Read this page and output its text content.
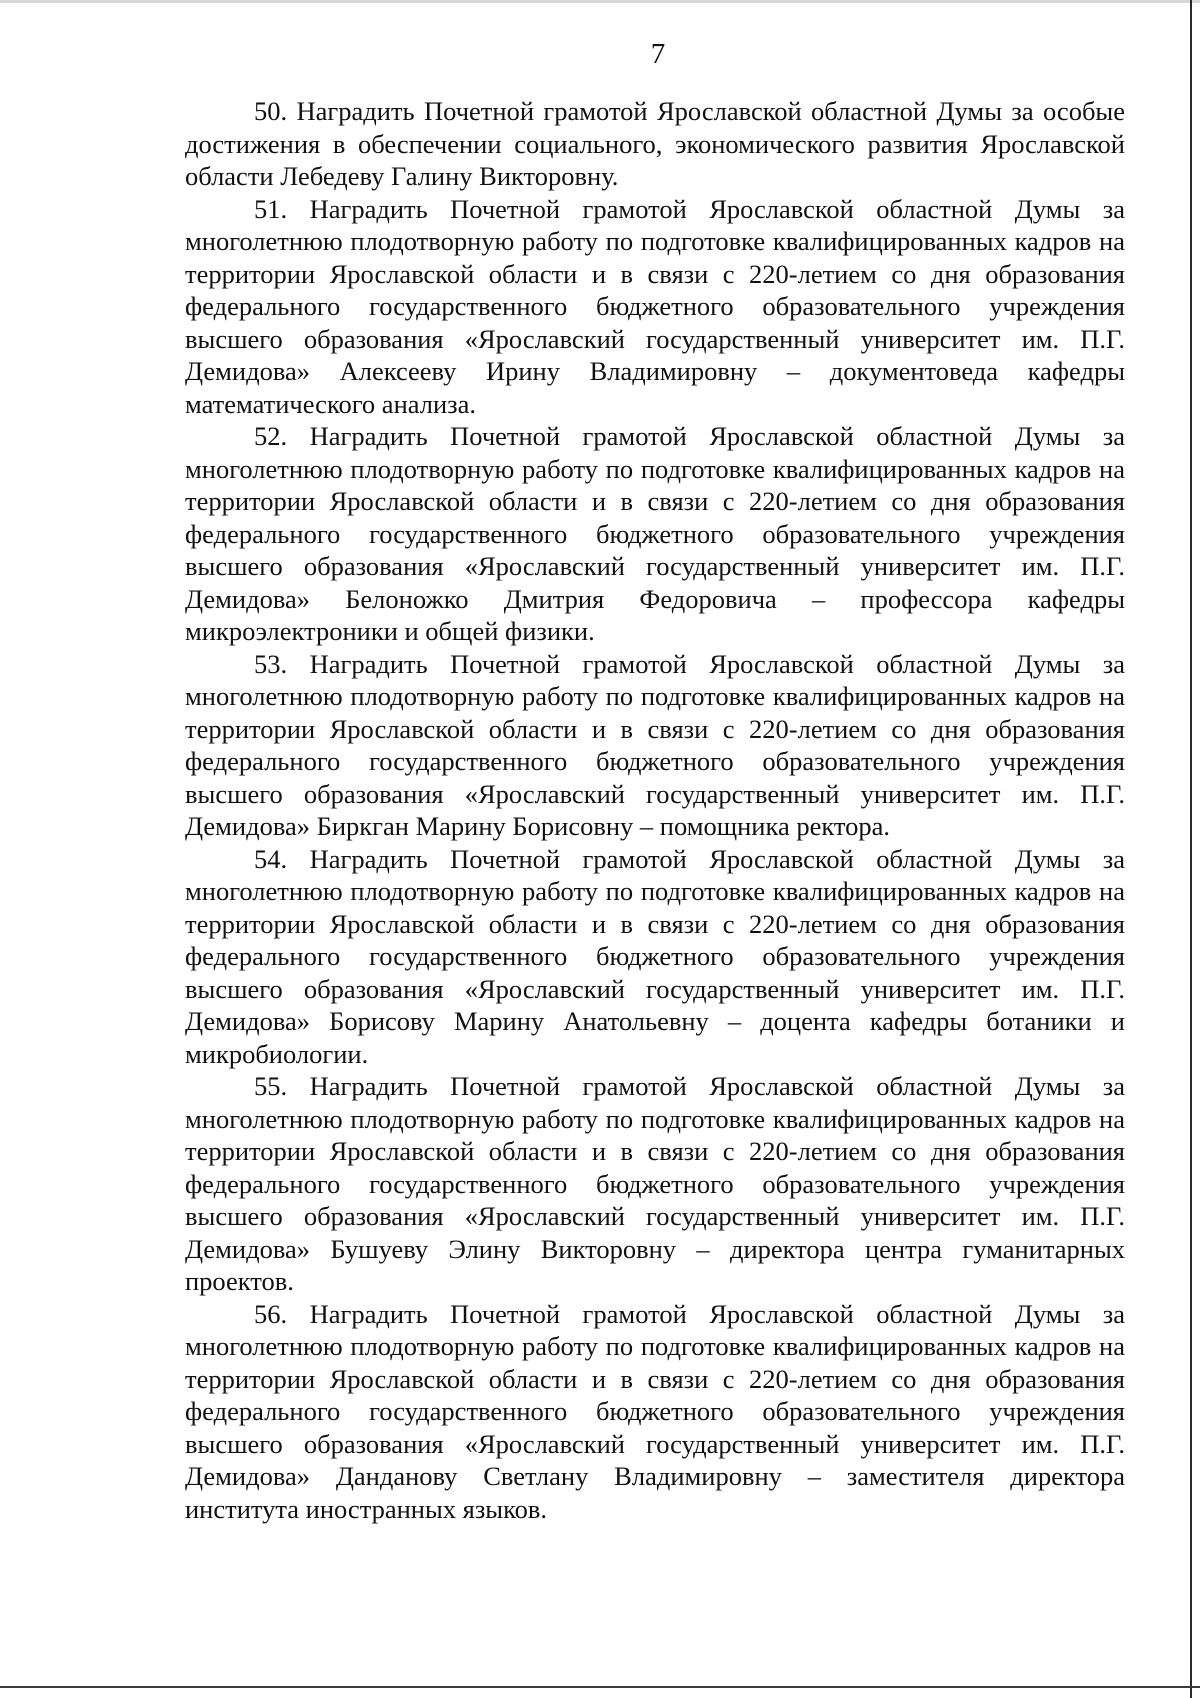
7

50. Наградить Почетной грамотой Ярославской областной Думы за особые достижения в обеспечении социального, экономического развития Ярославской области Лебедеву Галину Викторовну.

51. Наградить Почетной грамотой Ярославской областной Думы за многолетнюю плодотворную работу по подготовке квалифицированных кадров на территории Ярославской области и в связи с 220-летием со дня образования федерального государственного бюджетного образовательного учреждения высшего образования «Ярославский государственный университет им. П.Г. Демидова» Алексееву Ирину Владимировну – документоведа кафедры математического анализа.

52. Наградить Почетной грамотой Ярославской областной Думы за многолетнюю плодотворную работу по подготовке квалифицированных кадров на территории Ярославской области и в связи с 220-летием со дня образования федерального государственного бюджетного образовательного учреждения высшего образования «Ярославский государственный университет им. П.Г. Демидова» Белоножко Дмитрия Федоровича – профессора кафедры микроэлектроники и общей физики.

53. Наградить Почетной грамотой Ярославской областной Думы за многолетнюю плодотворную работу по подготовке квалифицированных кадров на территории Ярославской области и в связи с 220-летием со дня образования федерального государственного бюджетного образовательного учреждения высшего образования «Ярославский государственный университет им. П.Г. Демидова» Биркган Марину Борисовну – помощника ректора.

54. Наградить Почетной грамотой Ярославской областной Думы за многолетнюю плодотворную работу по подготовке квалифицированных кадров на территории Ярославской области и в связи с 220-летием со дня образования федерального государственного бюджетного образовательного учреждения высшего образования «Ярославский государственный университет им. П.Г. Демидова» Борисову Марину Анатольевну – доцента кафедры ботаники и микробиологии.

55. Наградить Почетной грамотой Ярославской областной Думы за многолетнюю плодотворную работу по подготовке квалифицированных кадров на территории Ярославской области и в связи с 220-летием со дня образования федерального государственного бюджетного образовательного учреждения высшего образования «Ярославский государственный университет им. П.Г. Демидова» Бушуеву Элину Викторовну – директора центра гуманитарных проектов.

56. Наградить Почетной грамотой Ярославской областной Думы за многолетнюю плодотворную работу по подготовке квалифицированных кадров на территории Ярославской области и в связи с 220-летием со дня образования федерального государственного бюджетного образовательного учреждения высшего образования «Ярославский государственный университет им. П.Г. Демидова» Данданову Светлану Владимировну – заместителя директора института иностранных языков.
